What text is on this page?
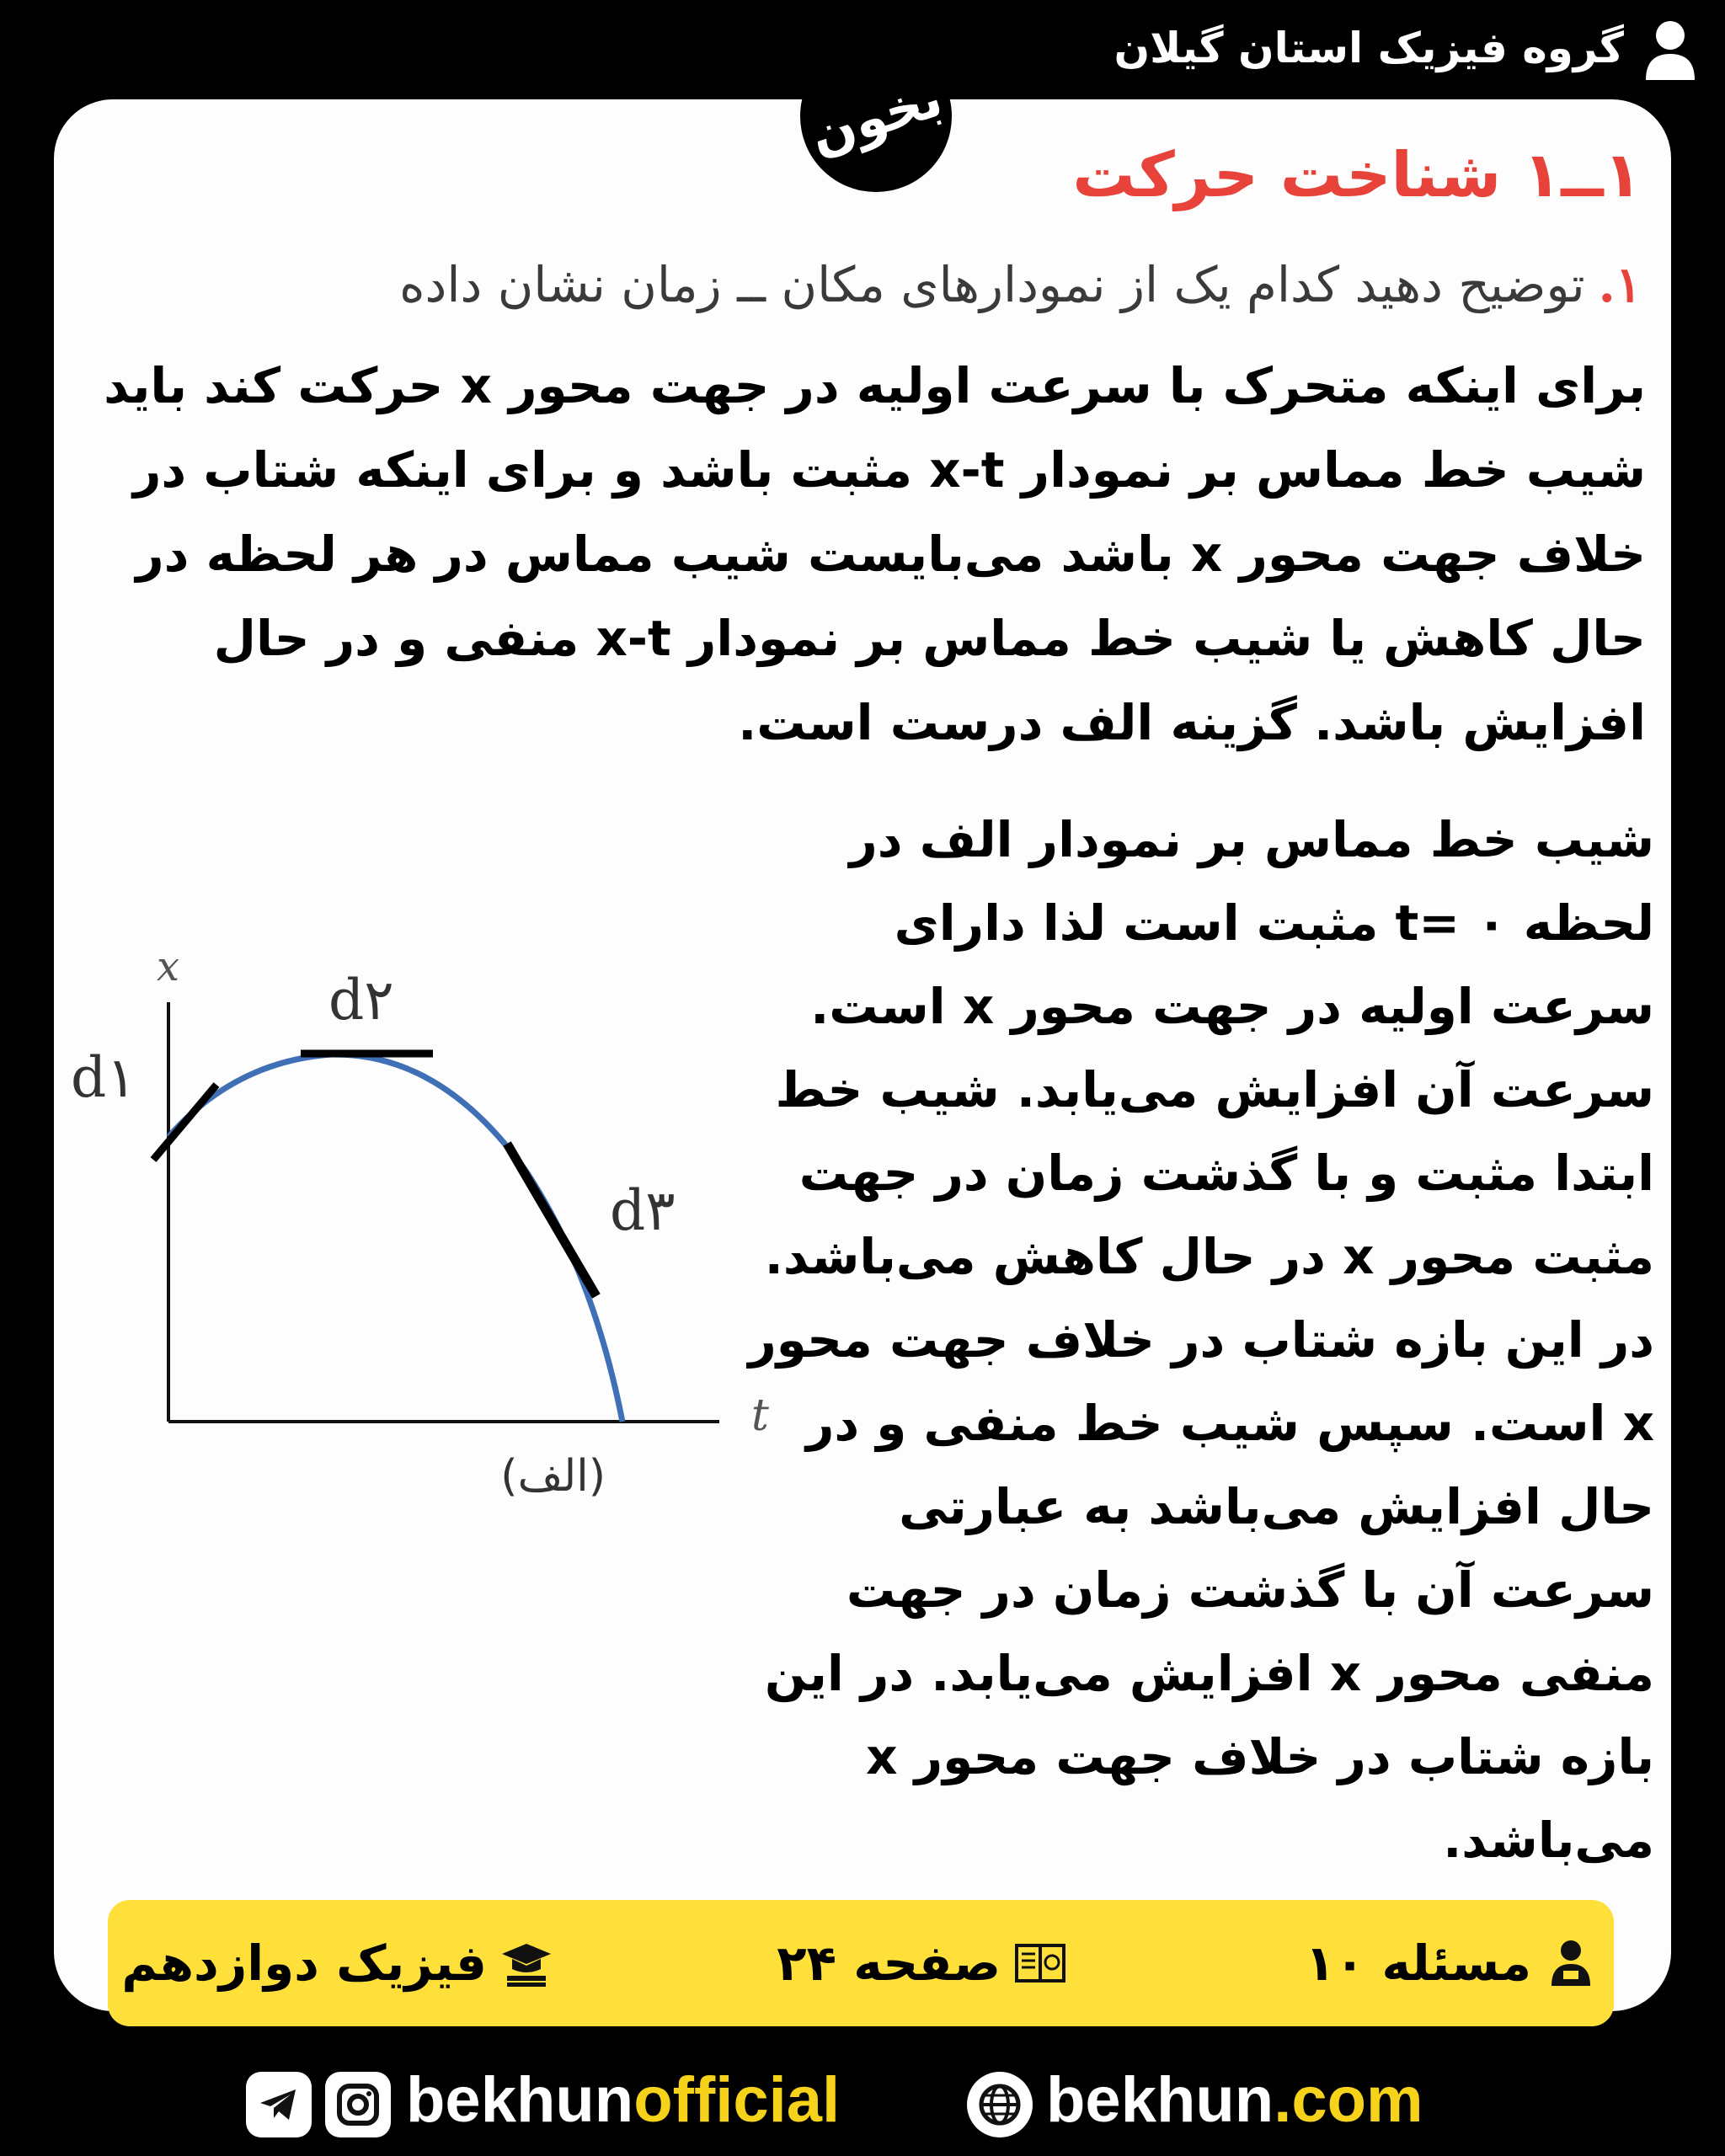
گروه فیزیک استان گیلان
بخون
۱ــ۱ شناخت حرکت
۱.توضیح دهید کدام یک از نمودارهای مکان ــ زمان نشان داده
برای اینکه متحرک با سرعت اولیه در جهت محور x حرکت کند باید شیب خط مماس بر نمودار x-t مثبت باشد و برای اینکه شتاب در خلاف جهت محور x باشد می‌بایست شیب مماس در هر لحظه در حال کاهش یا شیب خط مماس بر نمودار x-t منفی و در حال افزایش باشد. گزینه الف درست است.
شیب خط مماس بر نمودار الف در لحظه t= ۰ مثبت است لذا دارای سرعت اولیه در جهت محور x است. سرعت آن افزایش می‌یابد. شیب خط ابتدا مثبت و با گذشت زمان در جهت مثبت محور x در حال کاهش می‌باشد. در این بازه شتاب در خلاف جهت محور x است. سپس شیب خط منفی و در حال افزایش می‌باشد به عبارتی سرعت آن با گذشت زمان در جهت منفی محور x افزایش می‌یابد. در این بازه شتاب در خلاف جهت محور x می‌باشد.
x
t
d۱
d۲
d۳
(الف)
مسئله ۱۰
صفحه ۲۴
فیزیک دوازدهم
bekhunofficial	bekhun.com
